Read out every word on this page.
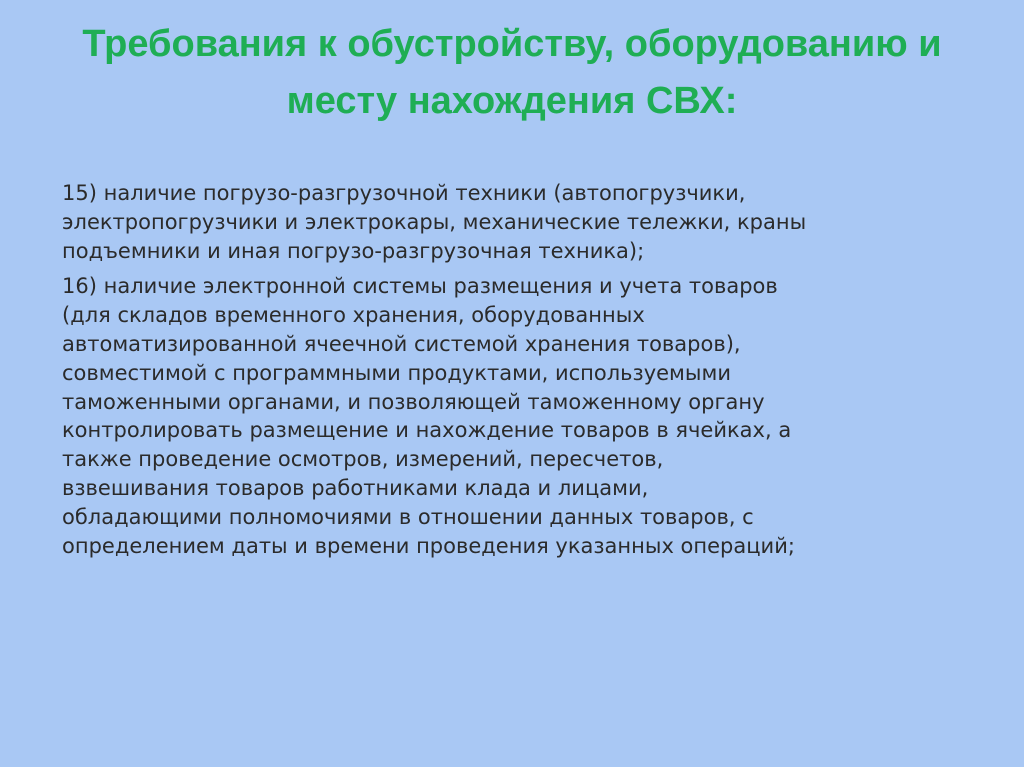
Требования к обустройству, оборудованию и
месту нахождения СВХ:

15) наличие погрузо-разгрузочной техники (автопогрузчики,
электропогрузчики и электрокары, механические тележки, краны
подъемники и иная погрузо-разгрузочная техника);

16) наличие электронной системы размещения и учета товаров
(для складов временного хранения, оборудованных
автоматизированной ячеечной системой хранения товаров),
совместимой с программными продуктами, используемыми
таможенными органами, и позволяющей таможенному органу
контролировать размещение и нахождение товаров в ячейках, а
также проведение осмотров, измерений, пересчетов,
взвешивания товаров работниками клада и лицами,
обладающими полномочиями в отношении данных товаров, с
определением даты и времени проведения указанных операций;
